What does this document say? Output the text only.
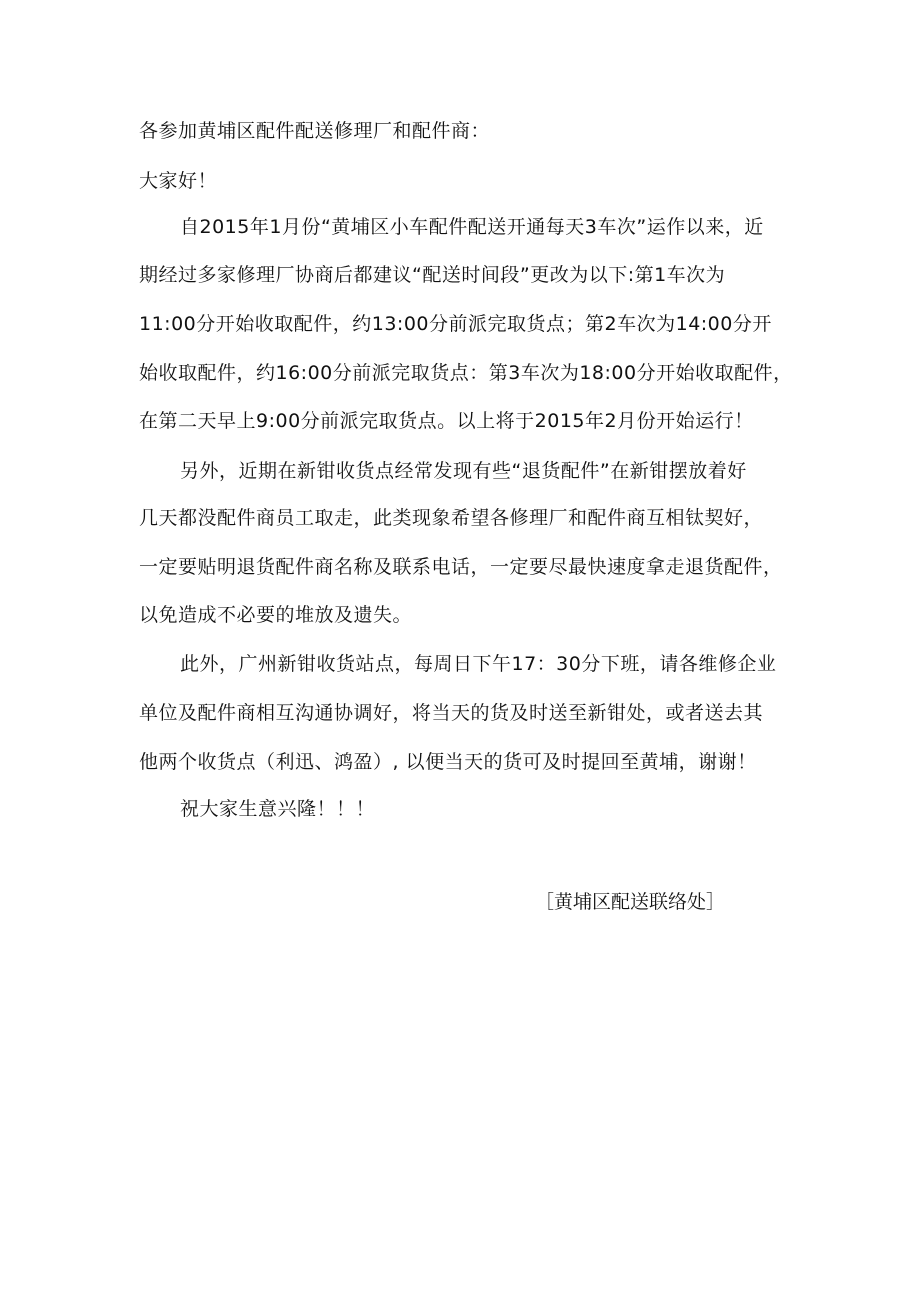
各参加黄埔区配件配送修理厂和配件商：
大家好！
自2015年1月份“黄埔区小车配件配送开通每天3车次”运作以来，近
期经过多家修理厂协商后都建议“配送时间段”更改为以下:第1车次为
11:00分开始收取配件，约13:00分前派完取货点；第2车次为14:00分开
始收取配件，约16:00分前派完取货点：第3车次为18:00分开始收取配件，
在第二天早上9:00分前派完取货点。以上将于2015年2月份开始运行！
另外，近期在新钳收货点经常发现有些“退货配件”在新钳摆放着好
几天都没配件商员工取走，此类现象希望各修理厂和配件商互相钛契好，
一定要贴明退货配件商名称及联系电话，一定要尽最快速度拿走退货配件，
以免造成不必要的堆放及遗失。
此外，广州新钳收货站点，每周日下午17：30分下班，请各维修企业
单位及配件商相互沟通协调好，将当天的货及时送至新钳处，或者送去其
他两个收货点（利迅、鸿盈）, 以便当天的货可及时提回至黄埔，谢谢！
祝大家生意兴隆！！！
［黄埔区配送联络处］
